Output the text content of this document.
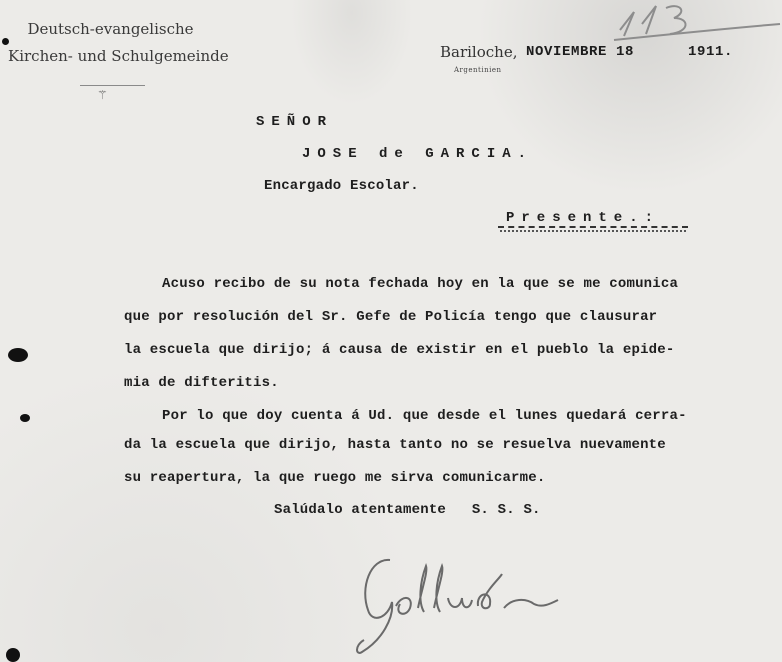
Deutsch-evangelische
Kirchen- und Schulgemeinde
⚚
Bariloche,
Argentinien
NOVIEMBRE 18      1911.
SEÑOR
JOSE de GARCIA.
Encargado Escolar.
Presente.:
Acuso recibo de su nota fechada hoy en la que se me comunica
que por resolución del Sr. Gefe de Policía tengo que clausurar
la escuela que dirijo; á causa de existir en el pueblo la epide-
mia de difteritis.
Por lo que doy cuenta á Ud. que desde el lunes quedará cerra-
da la escuela que dirijo, hasta tanto no se resuelva nuevamente
su reapertura, la que ruego me sirva comunicarme.
Salúdalo atentamente   S. S. S.
